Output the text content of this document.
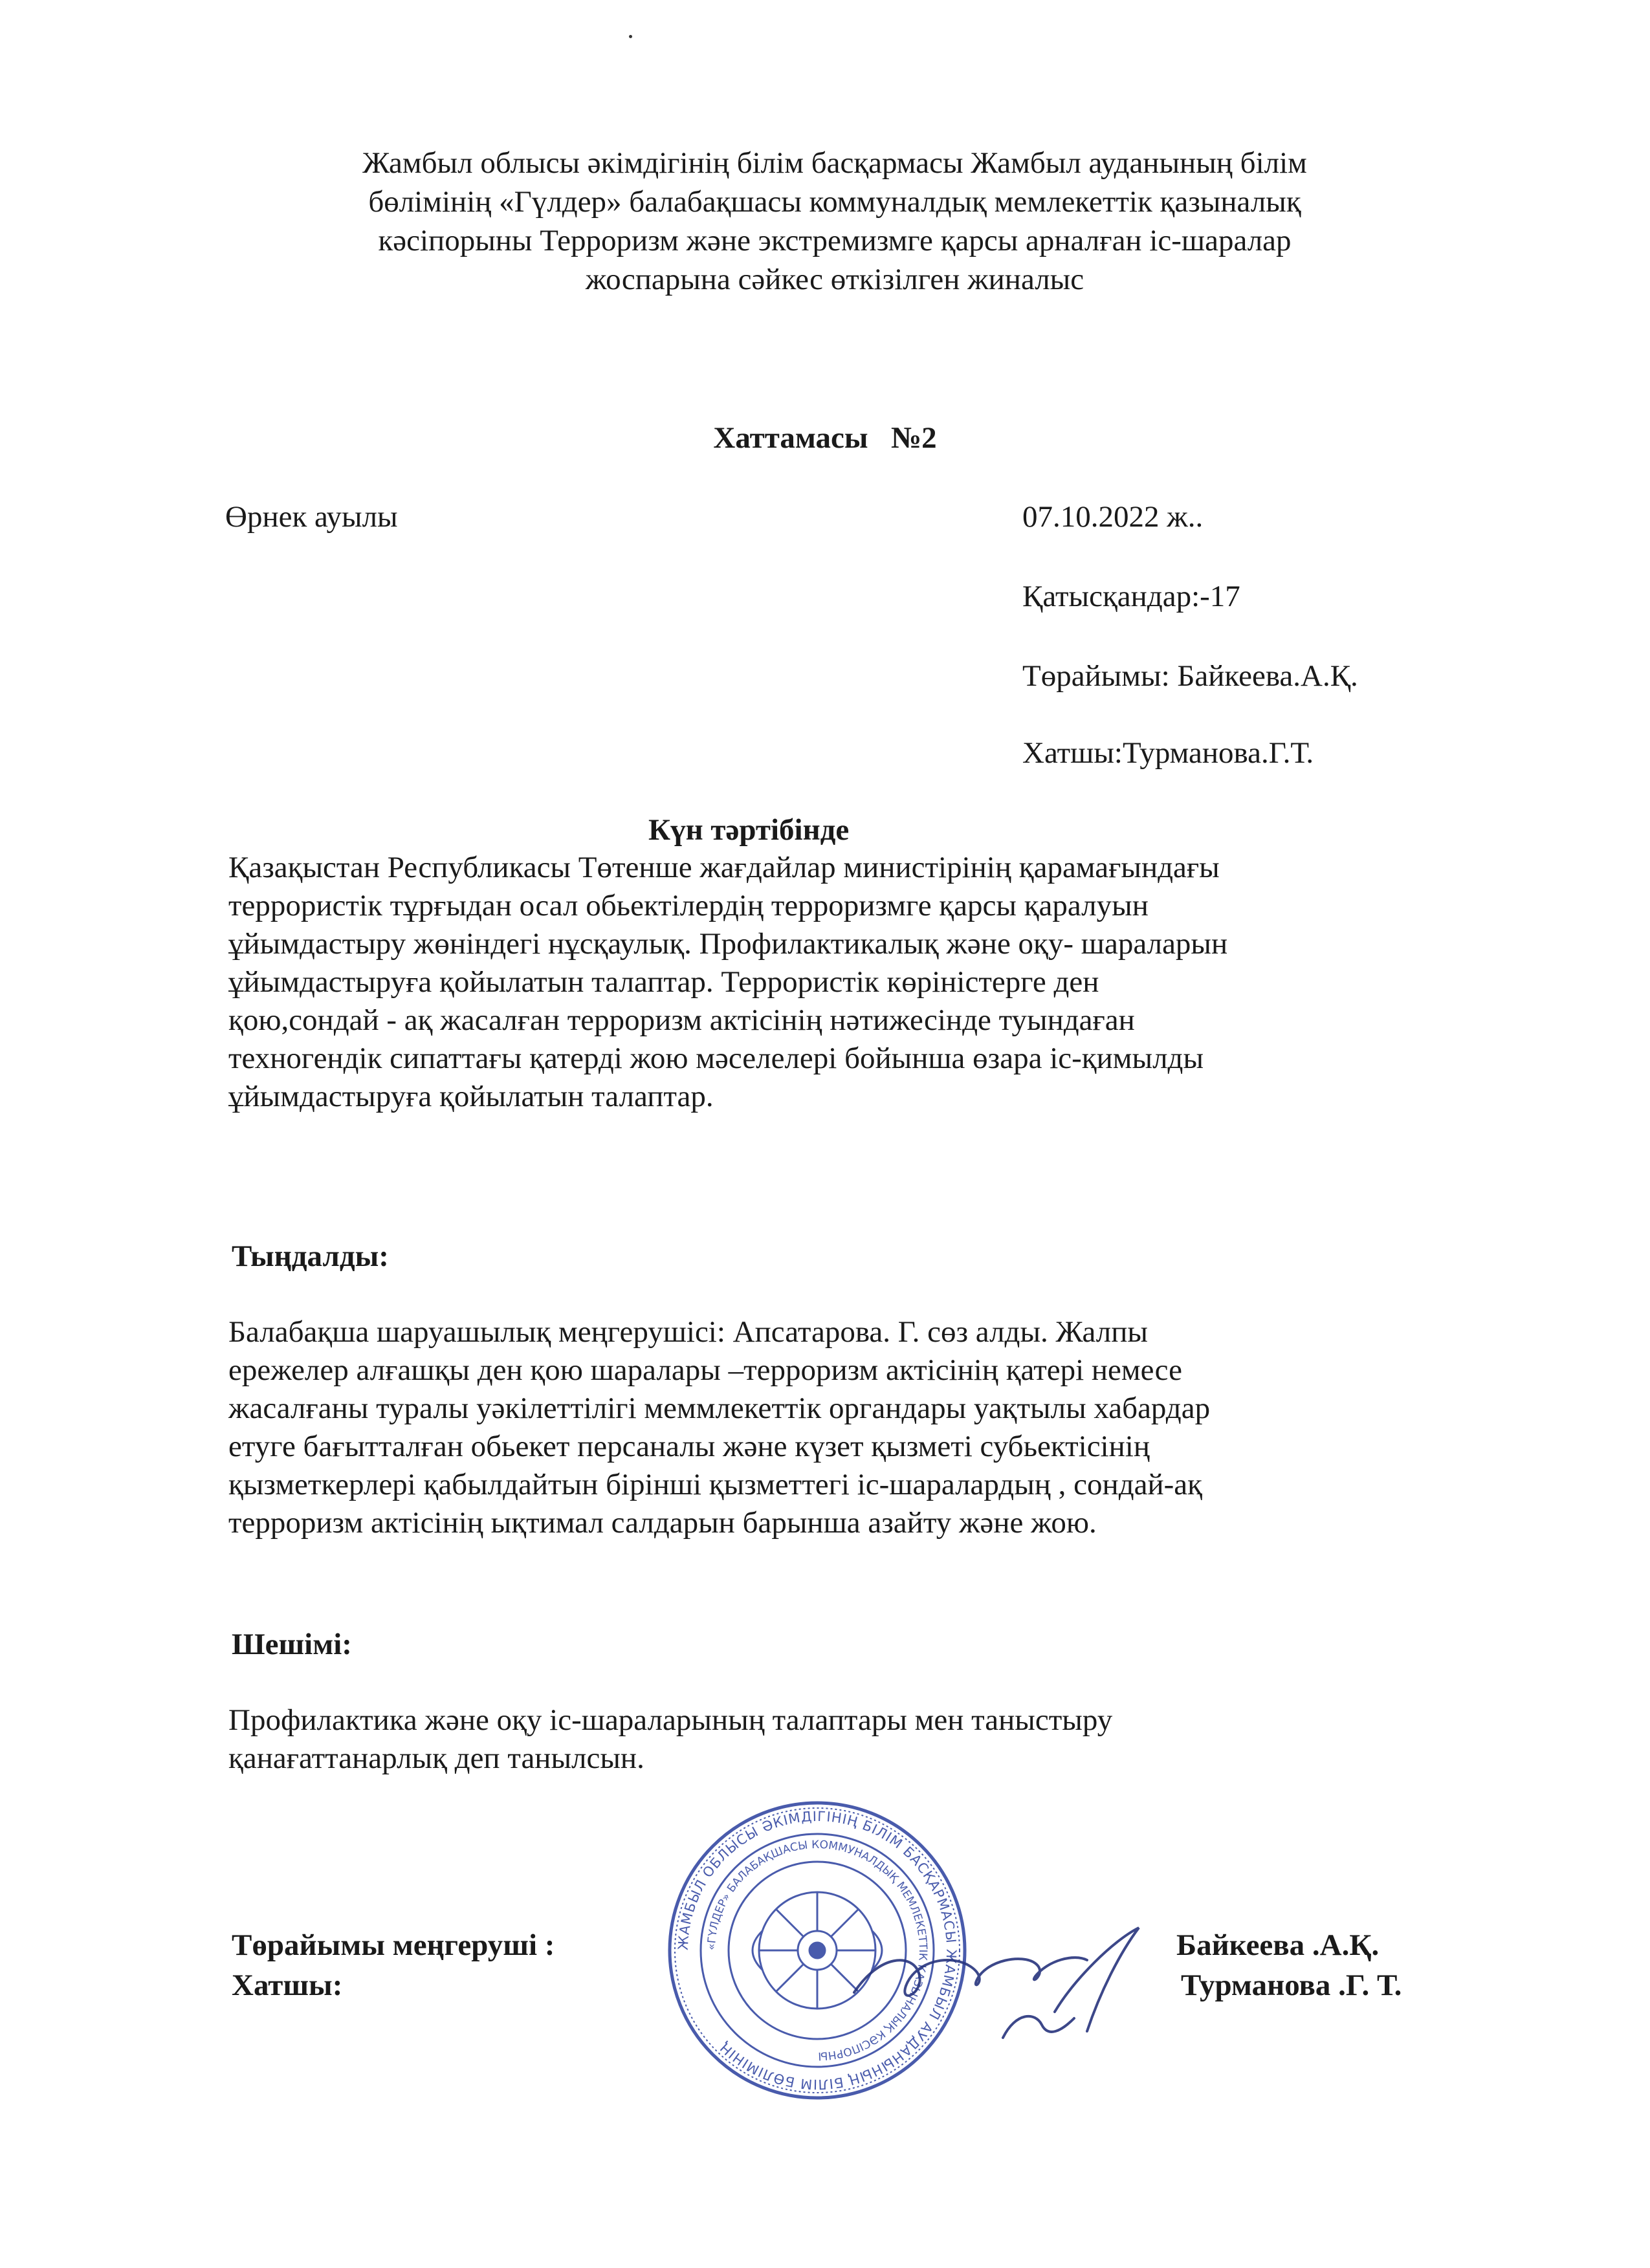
Жамбыл облысы әкімдігінің білім басқармасы Жамбыл ауданының білім
бөлімінің «Гүлдер» балабақшасы коммуналдық мемлекеттік қазыналық
кәсіпорыны Терроризм және экстремизмге қарсы арналған іс-шаралар
жоспарына сәйкес өткізілген жиналыс
Хаттамасы   №2
Өрнек ауылы	07.10.2022 ж..
Қатысқандар:-17
Төрайымы: Байкеева.А.Қ.
Хатшы:Турманова.Г.Т.
Күн тәртібінде
Қазақыстан Республикасы Төтенше жағдайлар министірінің қарамағындағы
террористік тұрғыдан осал обьектілердің терроризмге қарсы қаралуын
ұйымдастыру жөніндегі нұсқаулық. Профилактикалық және оқу- шараларын
ұйымдастыруға қойылатын талаптар. Террористік көріністерге ден
қою,сондай - ақ жасалған терроризм актісінің нәтижесінде туындаған
техногендік сипаттағы қатерді жою мәселелері бойынша өзара іс-қимылды
ұйымдастыруға қойылатын талаптар.
Тыңдалды:
Балабақша шаруашылық меңгерушісі: Апсатарова. Г. сөз алды. Жалпы
ережелер алғашқы ден қою шаралары –терроризм актісінің қатері немесе
жасалғаны туралы уәкілеттілігі меммлекеттік органдары уақтылы хабардар
етуге бағытталған обьекет персаналы және күзет қызметі субьектісінің
қызметкерлері қабылдайтын бірінші қызметтегі іс-шаралардың , сондай-ақ
терроризм актісінің ықтимал салдарын барынша азайту және жою.
Шешімі:
Профилактика және оқу іс-шараларының талаптары мен таныстыру
қанағаттанарлық деп танылсын.
ЖАМБЫЛ ОБЛЫСЫ ӘКІМДІГІНІҢ БІЛІМ БАСҚАРМАСЫ ЖАМБЫЛ АУДАНЫНЫҢ БІЛІМ БӨЛІМІНІҢ
«ГҮЛДЕР» БАЛАБАҚШАСЫ КОММУНАЛДЫҚ МЕМЛЕКЕТТІК ҚАЗЫНАЛЫҚ КӘСІПОРНЫ
Төрайымы меңгеруші :	Байкеева .А.Қ.
Хатшы:	Турманова .Г. Т.
